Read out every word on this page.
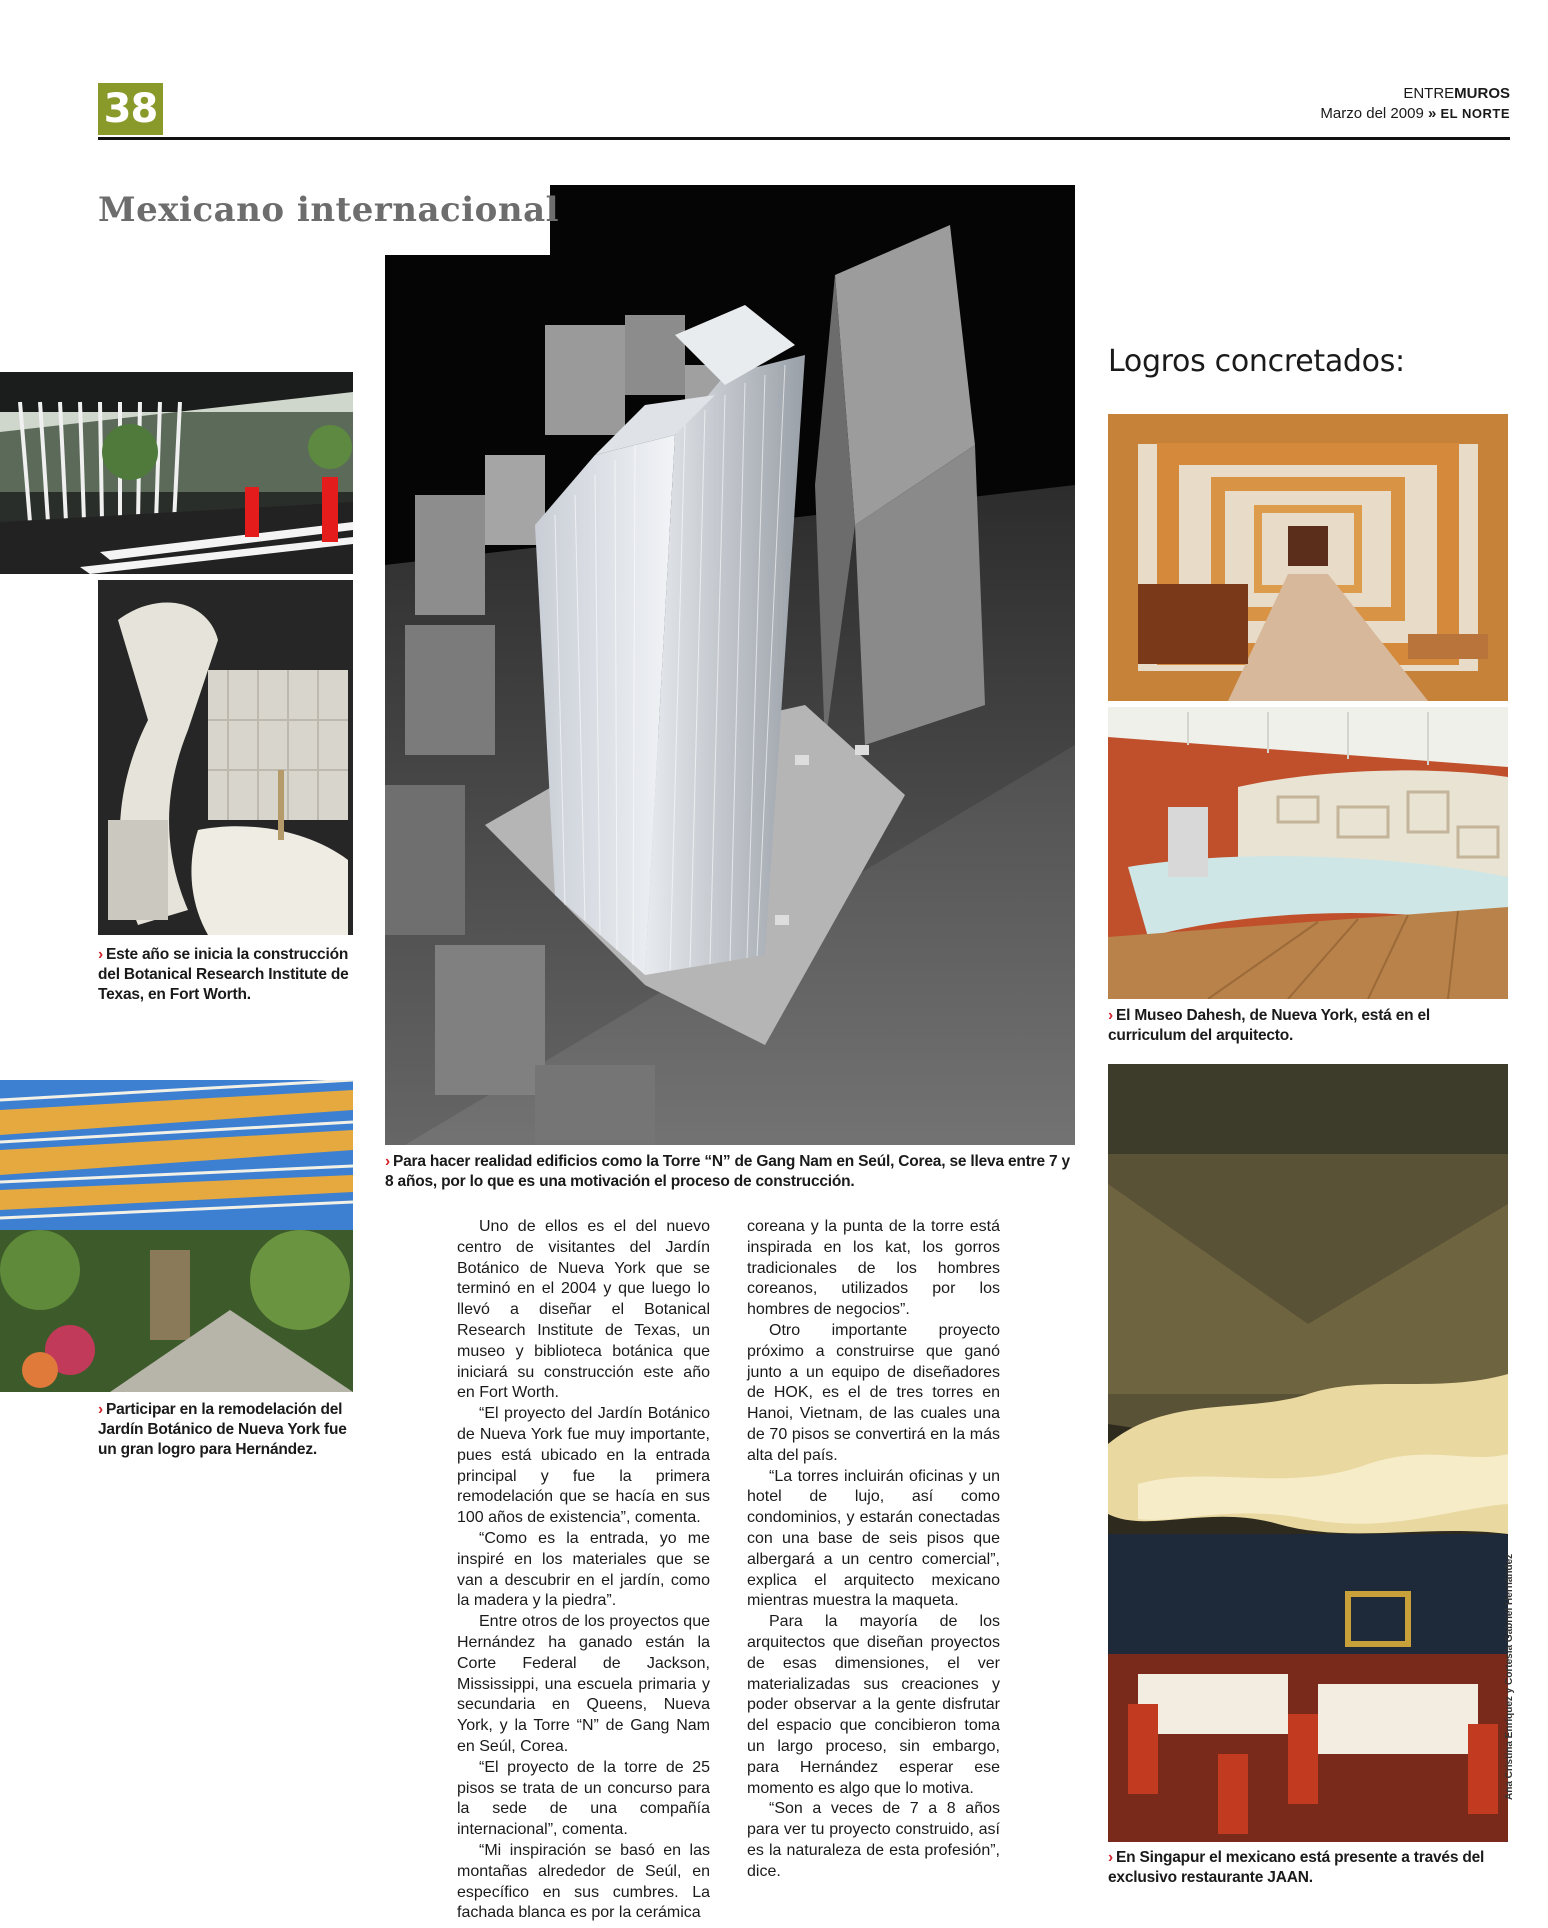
38	ENTREMUROS
Marzo del 2009 » EL NORTE
Mexicano internacional
› Este año se inicia la construcción del Botanical Research Institute de Texas, en Fort Worth.
› Participar en la remodelación del Jardín Botánico de Nueva York fue un gran logro para Hernández.
› Para hacer realidad edificios como la Torre “N” de Gang Nam en Seúl, Corea, se lleva entre 7 y 8 años, por lo que es una motivación el proceso de construcción.
Logros concretados:
› El Museo Dahesh, de Nueva York, está en el curriculum del arquitecto.
Ana Cristina Enríquez y Cortesía Gabriel Hernández
› En Singapur el mexicano está presente a través del exclusivo restaurante JAAN.

Uno de ellos es el del nuevo centro de visitantes del Jardín Botánico de Nueva York que se terminó en el 2004 y que luego lo llevó a diseñar el Botanical Research Institute de Texas, un museo y biblioteca botánica que iniciará su construcción este año en Fort Worth.

“El proyecto del Jardín Botánico de Nueva York fue muy importante, pues está ubicado en la entrada principal y fue la primera remodelación que se hacía en sus 100 años de existencia”, comenta.

“Como es la entrada, yo me inspiré en los materiales que se van a descubrir en el jardín, como la madera y la piedra”.

Entre otros de los proyectos que Hernández ha ganado están la Corte Federal de Jackson, Mississippi, una escuela primaria y secundaria en Queens, Nueva York, y la Torre “N” de Gang Nam en Seúl, Corea.

“El proyecto de la torre de 25 pisos se trata de un concurso para la sede de una compañía internacional”, comenta.

“Mi inspiración se basó en las montañas alrededor de Seúl, en específico en sus cumbres. La fachada blanca es por la cerámica

coreana y la punta de la torre está inspirada en los kat, los gorros tradicionales de los hombres coreanos, utilizados por los hombres de negocios”.

Otro importante proyecto próximo a construirse que ganó junto a un equipo de diseñadores de HOK, es el de tres torres en Hanoi, Vietnam, de las cuales una de 70 pisos se convertirá en la más alta del país.

“La torres incluirán oficinas y un hotel de lujo, así como condominios, y estarán conectadas con una base de seis pisos que albergará a un centro comercial”, explica el arquitecto mexicano mientras muestra la maqueta.

Para la mayoría de los arquitectos que diseñan proyectos de esas dimensiones, el ver materializadas sus creaciones y poder observar a la gente disfrutar del espacio que concibieron toma un largo proceso, sin embargo, para Hernández esperar ese momento es algo que lo motiva.

“Son a veces de 7 a 8 años para ver tu proyecto construido, así es la naturaleza de esta profesión”, dice.
